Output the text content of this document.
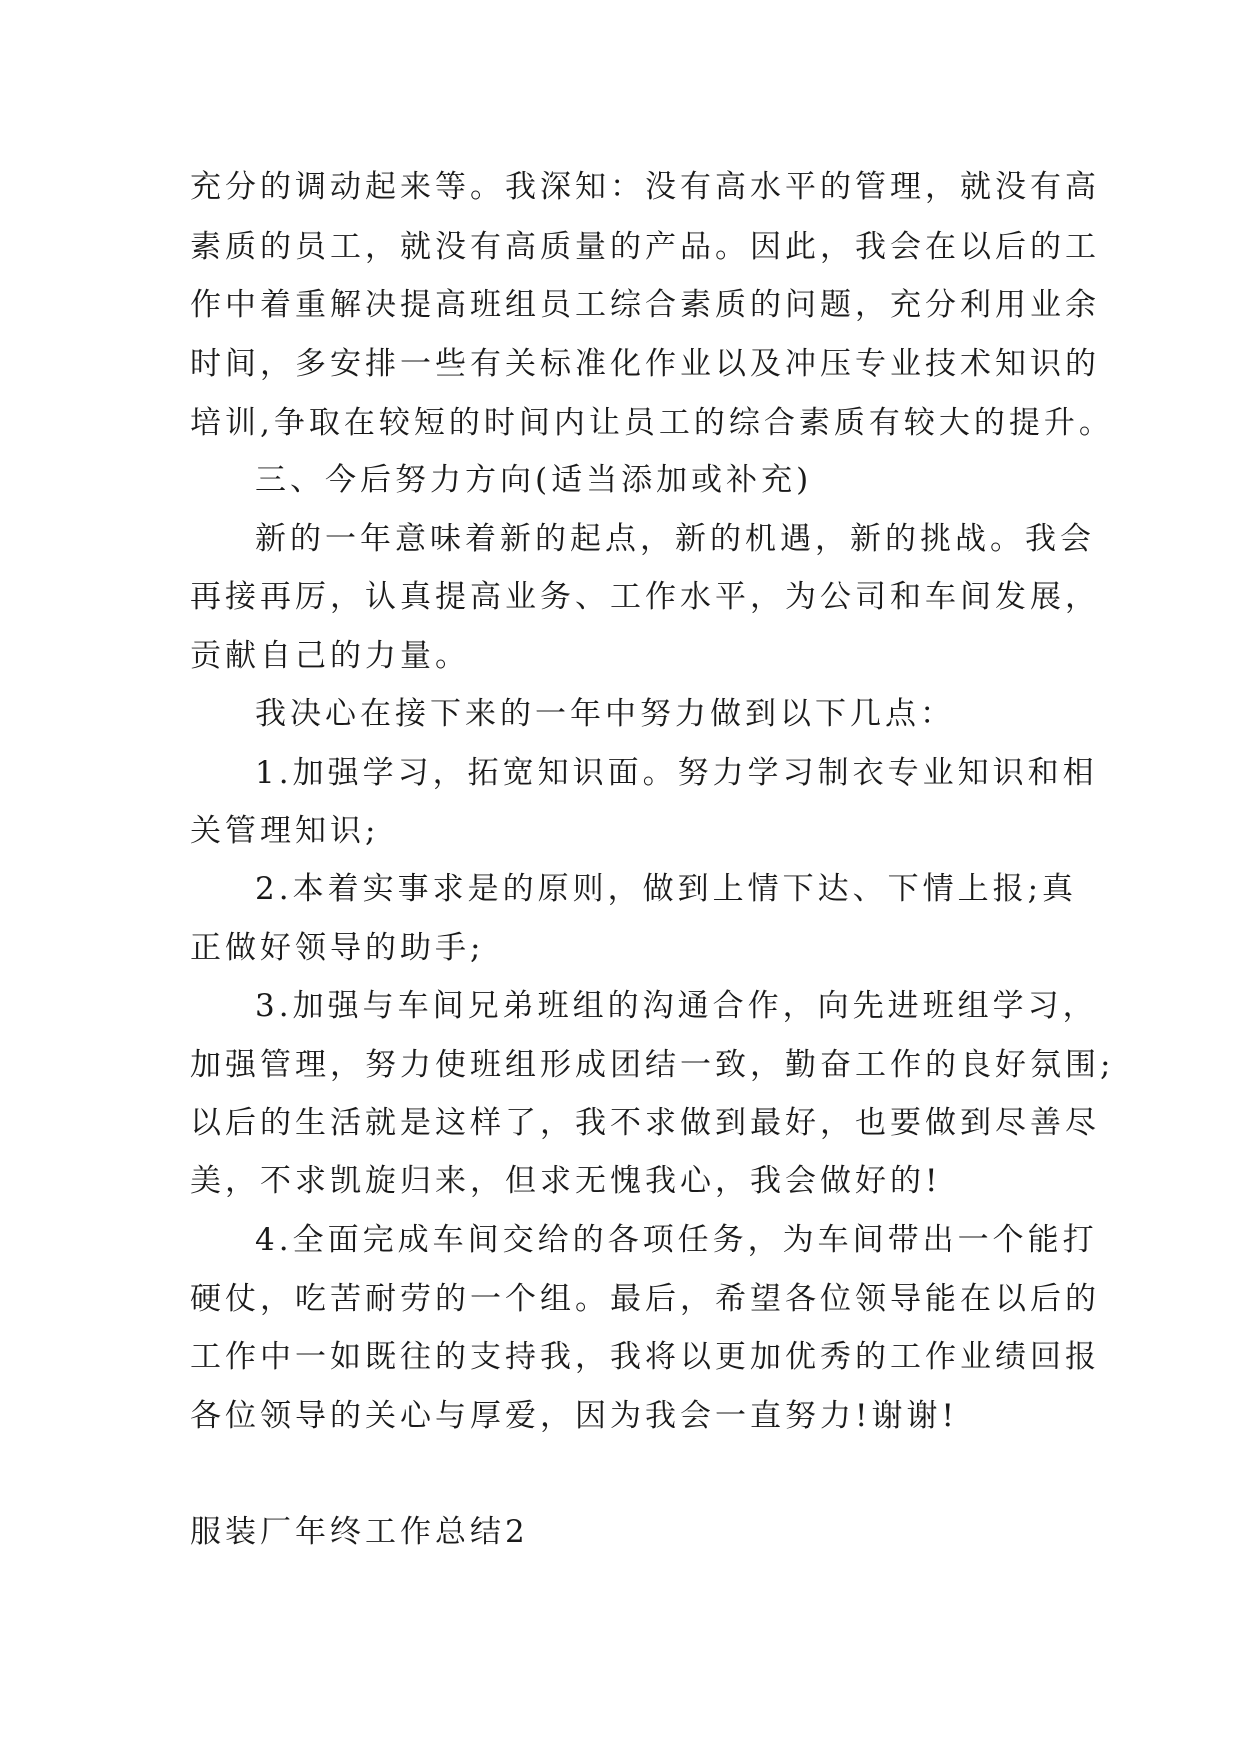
充分的调动起来等。我深知：没有高水平的管理，就没有高
素质的员工，就没有高质量的产品。因此，我会在以后的工
作中着重解决提高班组员工综合素质的问题，充分利用业余
时间，多安排一些有关标准化作业以及冲压专业技术知识的
培训,争取在较短的时间内让员工的综合素质有较大的提升。
三、今后努力方向(适当添加或补充)
新的一年意味着新的起点，新的机遇，新的挑战。我会
再接再厉，认真提高业务、工作水平，为公司和车间发展，
贡献自己的力量。
我决心在接下来的一年中努力做到以下几点：
1.加强学习，拓宽知识面。努力学习制衣专业知识和相
关管理知识;
2.本着实事求是的原则，做到上情下达、下情上报;真
正做好领导的助手;
3.加强与车间兄弟班组的沟通合作，向先进班组学习，
加强管理，努力使班组形成团结一致，勤奋工作的良好氛围;
以后的生活就是这样了，我不求做到最好，也要做到尽善尽
美，不求凯旋归来，但求无愧我心，我会做好的!
4.全面完成车间交给的各项任务，为车间带出一个能打
硬仗，吃苦耐劳的一个组。最后，希望各位领导能在以后的
工作中一如既往的支持我，我将以更加优秀的工作业绩回报
各位领导的关心与厚爱，因为我会一直努力!谢谢!
服装厂年终工作总结2
